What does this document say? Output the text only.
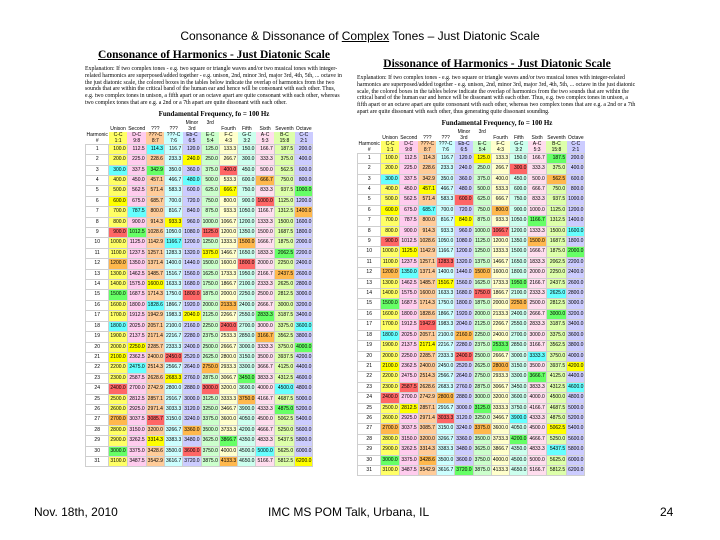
Consonance & Dissonance of Complex Tones – Just Diatonic Scale
Consonance of Harmonics - Just Diatonic Scale
Explanation: If two complex tones - e.g. two square or triangle waves and/or two musical tones with integer-related harmonics are superposed/added together - e.g. unison, 2nd, minor 3rd, major 3rd, 4th, 5th, ... octave in the just diatonic scale, the colored boxes in the tables below indicate the overlap of harmonics from the two sounds that are within the critical band of the human ear and hence will be consonant with each other. Thus, e.g. two complex tones in unison, a fifth apart or an octave apart are quite consonant with each other, whereas two complex tones that are e.g. a 2nd or a 7th apart are quite dissonant with each other.
Fundamental Frequency, fo = 100 Hz
					Minor	3rd						
	Unison	Second	???	???	3rd		Fourth	Fifth	Sixth	Seventh	Octave	
Harmonic	C-C	D-C	???-C	???-C	Eb-C	E-C	F-C	G-C	A-C	B-C	C-C	
#	1:1	9:8	8:7	7:6	6:5	5:4	4:3	3:2	5:3	15:8	2:1	
1	100.0	112.5	114.3	116.7	120.0	125.0	133.3	150.0	166.7	187.5	200.0	
2	200.0	225.0	228.6	233.3	240.0	250.0	266.7	300.0	333.3	375.0	400.0	
3	300.0	337.5	342.9	350.0	360.0	375.0	400.0	450.0	500.0	562.5	600.0	
4	400.0	450.0	457.1	466.7	480.0	500.0	533.3	600.0	666.7	750.0	800.0	
5	500.0	562.5	571.4	583.3	600.0	625.0	666.7	750.0	833.3	937.5	1000.0	
6	600.0	675.0	685.7	700.0	720.0	750.0	800.0	900.0	1000.0	1125.0	1200.0	
7	700.0	787.5	800.0	816.7	840.0	875.0	933.3	1050.0	1166.7	1312.5	1400.0	
8	800.0	900.0	914.3	933.3	960.0	1000.0	1066.7	1200.0	1333.3	1500.0	1600.0	
9	900.0	1012.5	1028.6	1050.0	1080.0	1125.0	1200.0	1350.0	1500.0	1687.5	1800.0	
10	1000.0	1125.0	1142.9	1166.7	1200.0	1250.0	1333.3	1500.0	1666.7	1875.0	2000.0	
11	1100.0	1237.5	1257.1	1283.3	1320.0	1375.0	1466.7	1650.0	1833.3	2062.5	2200.0	
12	1200.0	1350.0	1371.4	1400.0	1440.0	1500.0	1600.0	1800.0	2000.0	2250.0	2400.0	
13	1300.0	1462.5	1485.7	1516.7	1560.0	1625.0	1733.3	1950.0	2166.7	2437.5	2600.0	
14	1400.0	1575.0	1600.0	1633.3	1680.0	1750.0	1866.7	2100.0	2333.3	2625.0	2800.0	
15	1500.0	1687.5	1714.3	1750.0	1800.0	1875.0	2000.0	2250.0	2500.0	2812.5	3000.0	
16	1600.0	1800.0	1828.6	1866.7	1920.0	2000.0	2133.3	2400.0	2666.7	3000.0	3200.0	
17	1700.0	1912.5	1942.9	1983.3	2040.0	2125.0	2266.7	2550.0	2833.3	3187.5	3400.0	
18	1800.0	2025.0	2057.1	2100.0	2160.0	2250.0	2400.0	2700.0	3000.0	3375.0	3600.0	
19	1900.0	2137.5	2171.4	2216.7	2280.0	2375.0	2533.3	2850.0	3166.7	3562.5	3800.0	
20	2000.0	2250.0	2285.7	2333.3	2400.0	2500.0	2666.7	3000.0	3333.3	3750.0	4000.0	
21	2100.0	2362.5	2400.0	2450.0	2520.0	2625.0	2800.0	3150.0	3500.0	3937.5	4200.0	
22	2200.0	2475.0	2514.3	2566.7	2640.0	2750.0	2933.3	3300.0	3666.7	4125.0	4400.0	
23	2300.0	2587.5	2628.6	2683.3	2760.0	2875.0	3066.7	3450.0	3833.3	4312.5	4600.0	
24	2400.0	2700.0	2742.9	2800.0	2880.0	3000.0	3200.0	3600.0	4000.0	4500.0	4800.0	
25	2500.0	2812.5	2857.1	2916.7	3000.0	3125.0	3333.3	3750.0	4166.7	4687.5	5000.0	
26	2600.0	2925.0	2971.4	3033.3	3120.0	3250.0	3466.7	3900.0	4333.3	4875.0	5200.0	
27	2700.0	3037.5	3085.7	3150.0	3240.0	3375.0	3600.0	4050.0	4500.0	5062.5	5400.0	
28	2800.0	3150.0	3200.0	3266.7	3360.0	3500.0	3733.3	4200.0	4666.7	5250.0	5600.0	
29	2900.0	3262.5	3314.3	3383.3	3480.0	3625.0	3866.7	4350.0	4833.3	5437.5	5800.0	
30	3000.0	3375.0	3428.6	3500.0	3600.0	3750.0	4000.0	4500.0	5000.0	5625.0	6000.0	
31	3100.0	3487.5	3542.9	3616.7	3720.0	3875.0	4133.3	4650.0	5166.7	5812.5	6200.0	
Dissonance of Harmonics - Just Diatonic Scale
Explanation: If two complex tones - e.g. two square or triangle waves and/or two musical tones with integer-related harmonics are superposed/added together - e.g. unison, 2nd, minor 3rd, major 3rd, 4th, 5th, ... octave in the just diatonic scale, the colored boxes in the tables below indicate the overlap of harmonics from the two sounds that are within the critical band of the human ear and hence will be dissonant with each other. Thus, e.g. two complex tones in unison, a fifth apart or an octave apart are quite consonant with each other, whereas two complex tones that are e.g. a 2nd or a 7th apart are quite dissonant with each other, thus generating quite dissonant sounding.
Fundamental Frequency, fo = 100 Hz
					Minor	3rd						
	Unison	Second	???	???	3rd		Fourth	Fifth	Sixth	Seventh	Octave	
Harmonic	C-C	D-C	???-C	???-C	Eb-C	E-C	F-C	G-C	A-C	B-C	C-C	
#	1:1	9:8	8:7	7:6	6:5	5:4	4:3	3:2	5:3	15:8	2:1	
1	100.0	112.5	114.3	116.7	120.0	125.0	133.3	150.0	166.7	187.5	200.0	
2	200.0	225.0	228.6	233.3	240.0	250.0	266.7	300.0	333.3	375.0	400.0	
3	300.0	337.5	342.9	350.0	360.0	375.0	400.0	450.0	500.0	562.5	600.0	
4	400.0	450.0	457.1	466.7	480.0	500.0	533.3	600.0	666.7	750.0	800.0	
5	500.0	562.5	571.4	583.3	600.0	625.0	666.7	750.0	833.3	937.5	1000.0	
6	600.0	675.0	685.7	700.0	720.0	750.0	800.0	900.0	1000.0	1125.0	1200.0	
7	700.0	787.5	800.0	816.7	840.0	875.0	933.3	1050.0	1166.7	1312.5	1400.0	
8	800.0	900.0	914.3	933.3	960.0	1000.0	1066.7	1200.0	1333.3	1500.0	1600.0	
9	900.0	1012.5	1028.6	1050.0	1080.0	1125.0	1200.0	1350.0	1500.0	1687.5	1800.0	
10	1000.0	1125.0	1142.9	1166.7	1200.0	1250.0	1333.3	1500.0	1666.7	1875.0	2000.0	
11	1100.0	1237.5	1257.1	1283.3	1320.0	1375.0	1466.7	1650.0	1833.3	2062.5	2200.0	
12	1200.0	1350.0	1371.4	1400.0	1440.0	1500.0	1600.0	1800.0	2000.0	2250.0	2400.0	
13	1300.0	1462.5	1485.7	1516.7	1560.0	1625.0	1733.3	1950.0	2166.7	2437.5	2600.0	
14	1400.0	1575.0	1600.0	1633.3	1680.0	1750.0	1866.7	2100.0	2333.3	2625.0	2800.0	
15	1500.0	1687.5	1714.3	1750.0	1800.0	1875.0	2000.0	2250.0	2500.0	2812.5	3000.0	
16	1600.0	1800.0	1828.6	1866.7	1920.0	2000.0	2133.3	2400.0	2666.7	3000.0	3200.0	
17	1700.0	1912.5	1942.9	1983.3	2040.0	2125.0	2266.7	2550.0	2833.3	3187.5	3400.0	
18	1800.0	2025.0	2057.1	2100.0	2160.0	2250.0	2400.0	2700.0	3000.0	3375.0	3600.0	
19	1900.0	2137.5	2171.4	2216.7	2280.0	2375.0	2533.3	2850.0	3166.7	3562.5	3800.0	
20	2000.0	2250.0	2285.7	2333.3	2400.0	2500.0	2666.7	3000.0	3333.3	3750.0	4000.0	
21	2100.0	2362.5	2400.0	2450.0	2520.0	2625.0	2800.0	3150.0	3500.0	3937.5	4200.0	
22	2200.0	2475.0	2514.3	2566.7	2640.0	2750.0	2933.3	3300.0	3666.7	4125.0	4400.0	
23	2300.0	2587.5	2628.6	2683.3	2760.0	2875.0	3066.7	3450.0	3833.3	4312.5	4600.0	
24	2400.0	2700.0	2742.9	2800.0	2880.0	3000.0	3200.0	3600.0	4000.0	4500.0	4800.0	
25	2500.0	2812.5	2857.1	2916.7	3000.0	3125.0	3333.3	3750.0	4166.7	4687.5	5000.0	
26	2600.0	2925.0	2971.4	3033.3	3120.0	3250.0	3466.7	3900.0	4333.3	4875.0	5200.0	
27	2700.0	3037.5	3085.7	3150.0	3240.0	3375.0	3600.0	4050.0	4500.0	5062.5	5400.0	
28	2800.0	3150.0	3200.0	3266.7	3360.0	3500.0	3733.3	4200.0	4666.7	5250.0	5600.0	
29	2900.0	3262.5	3314.3	3383.3	3480.0	3625.0	3866.7	4350.0	4833.3	5437.5	5800.0	
30	3000.0	3375.0	3428.6	3500.0	3600.0	3750.0	4000.0	4500.0	5000.0	5625.0	6000.0	
31	3100.0	3487.5	3542.9	3616.7	3720.0	3875.0	4133.3	4650.0	5166.7	5812.5	6200.0	
Nov. 18th, 2010	IMC MS POM Talk, Urbana, IL	24
